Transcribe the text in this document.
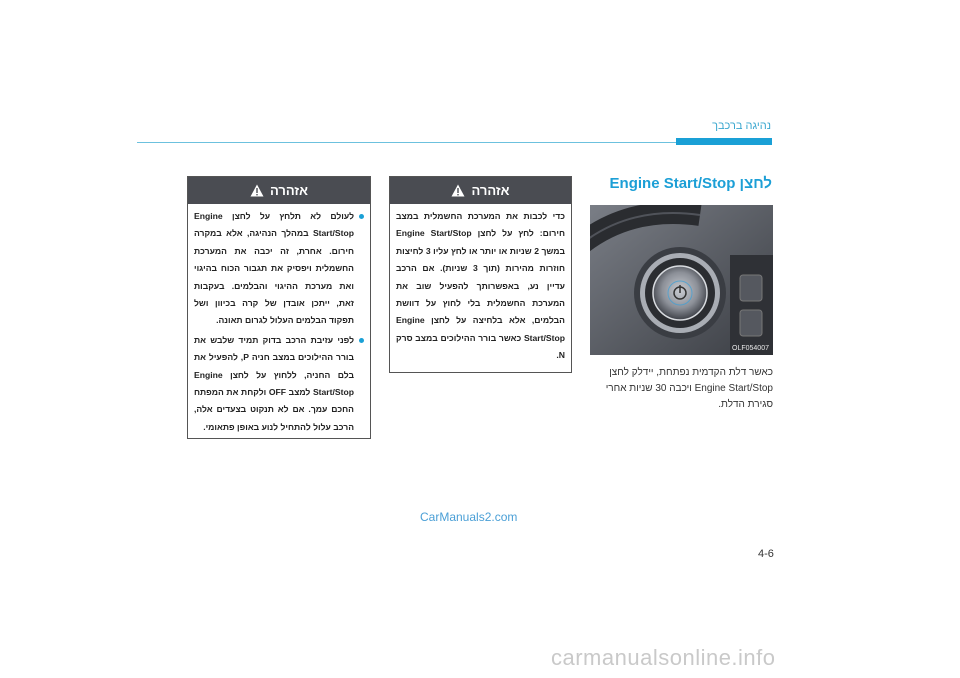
נהיגה ברכבך
לחצן Engine Start/Stop
OLF054007
כאשר דלת הקדמית נפתחת, יידלק לחצן Engine Start/Stop ויכבה 30 שניות אחרי סגירת הדלת.
אזהרה

כדי לכבות את המערכת החשמלית במצב חירום: לחץ על לחצן Engine Start/Stop במשך 2 שניות או יותר או לחץ עליו 3 לחיצות חוזרות מהירות (תוך 3 שניות). אם הרכב עדיין נע, באפשרותך להפעיל שוב את המערכת החשמלית בלי לחוץ על דוושת הבלמים, אלא בלחיצה על לחצן Engine Start/Stop כאשר בורר ההילוכים במצב סרק N.

אזהרה

לעולם לא תלחץ על לחצן Engine Start/Stop במהלך הנהיגה, אלא במקרה חירום. אחרת, זה יכבה את המערכת החשמלית ויפסיק את תגבור הכוח בהיגוי ואת מערכת ההיגוי והבלמים. בעקבות זאת, ייתכן אובדן של קרה בכיוון ושל תפקוד הבלמים העלול לגרום תאונה.

לפני עזיבת הרכב בדוק תמיד שלבש את בורר ההילוכים במצב חניה P, להפעיל את בלם החניה, ללחוץ על לחצן Engine Start/Stop למצב OFF ולקחת את המפתח החכם עמך. אם לא תנקוט בצעדים אלה, הרכב עלול להתחיל לנוע באופן פתאומי.

CarManuals2.com
4-6
carmanualsonline.info
